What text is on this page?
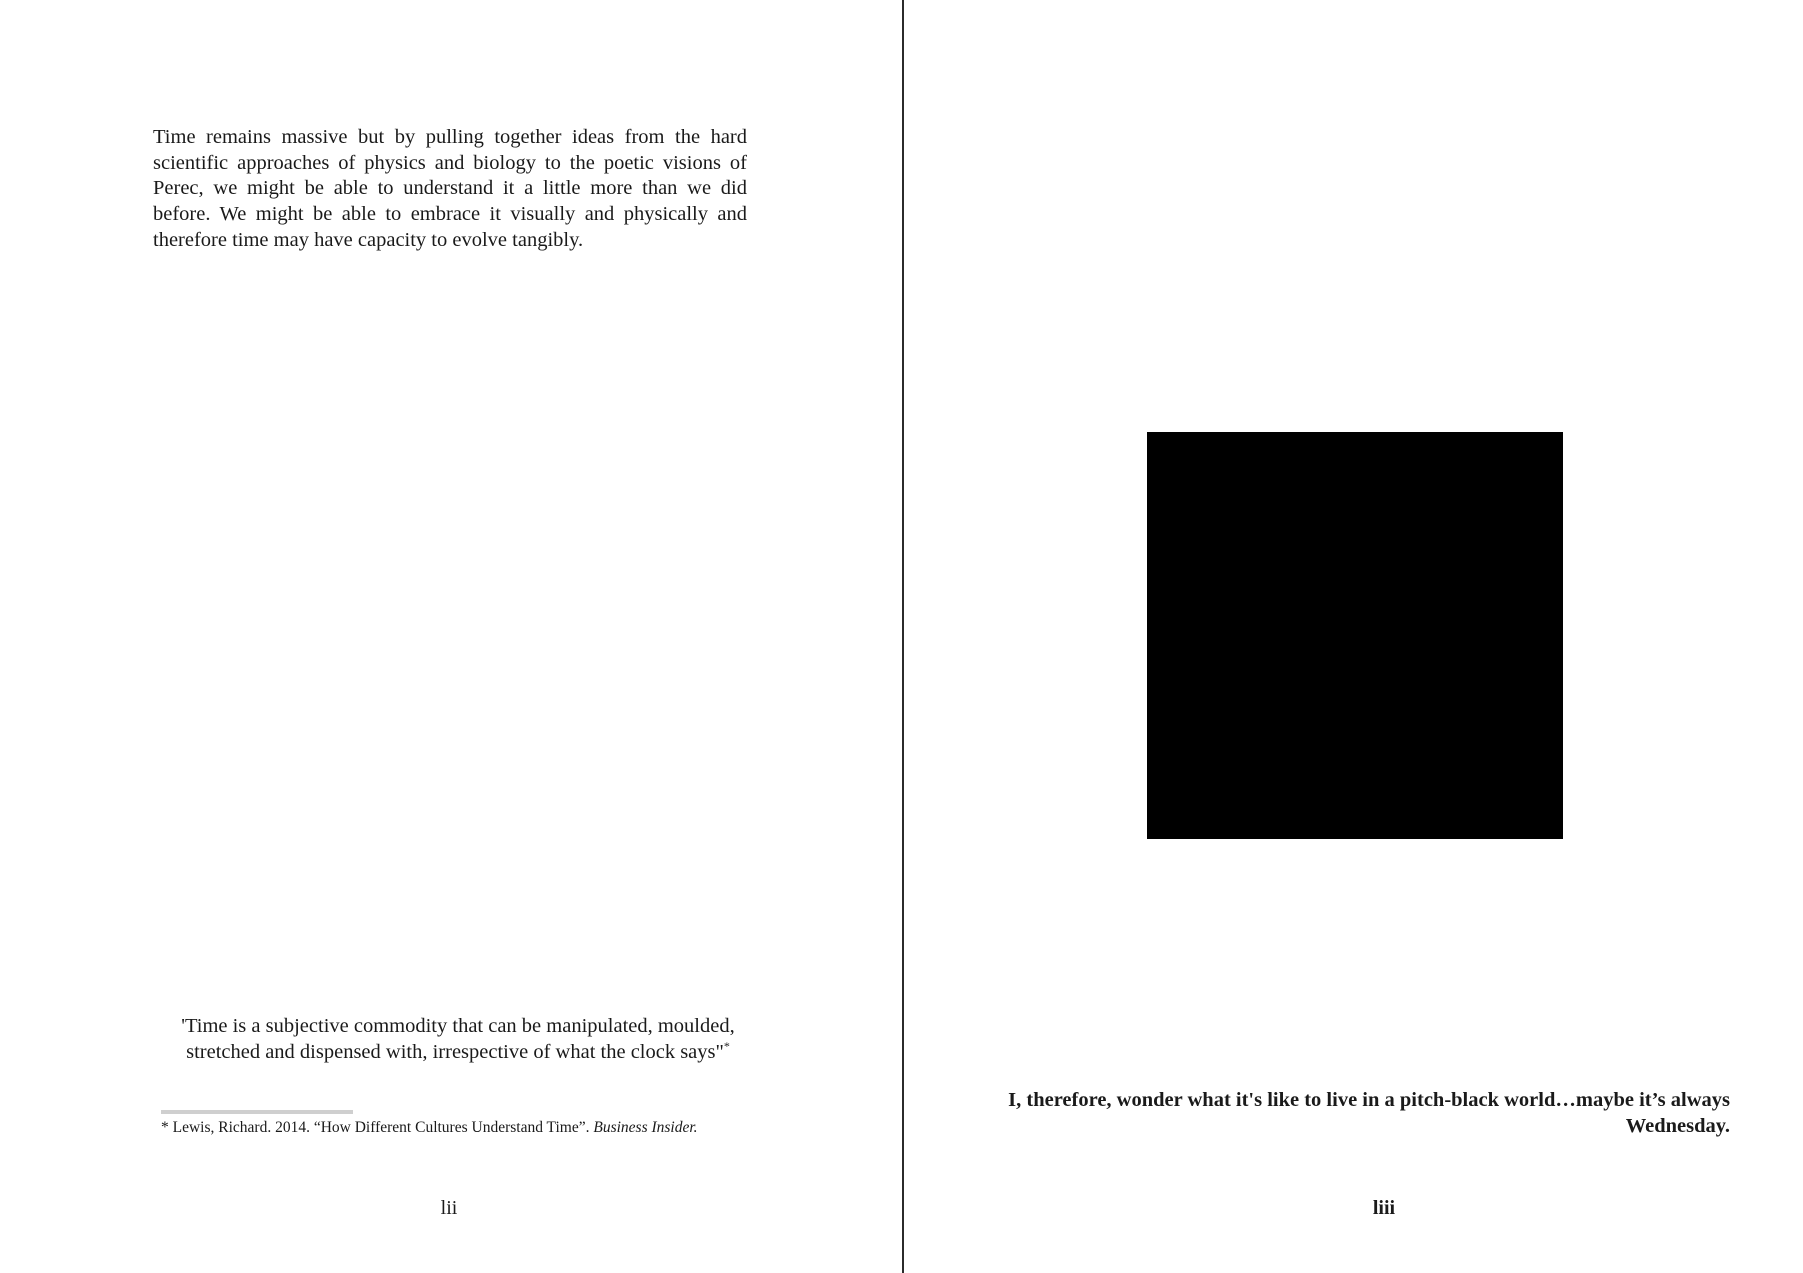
Time remains massive but by pulling together ideas from the hard scientific approaches of physics and biology to the poetic visions of Perec, we might be able to understand it a little more than we did before. We might be able to embrace it visually and physically and therefore time may have capacity to evolve tangibly.

'Time is a subjective commodity that can be manipulated, moulded, stretched and dispensed with, irrespective of what the clock says"*

* Lewis, Richard. 2014. “How Different Cultures Understand Time”. Business Insider.

lii

I, therefore, wonder what it's like to live in a pitch-black world…maybe it’s always Wednesday.

liii
